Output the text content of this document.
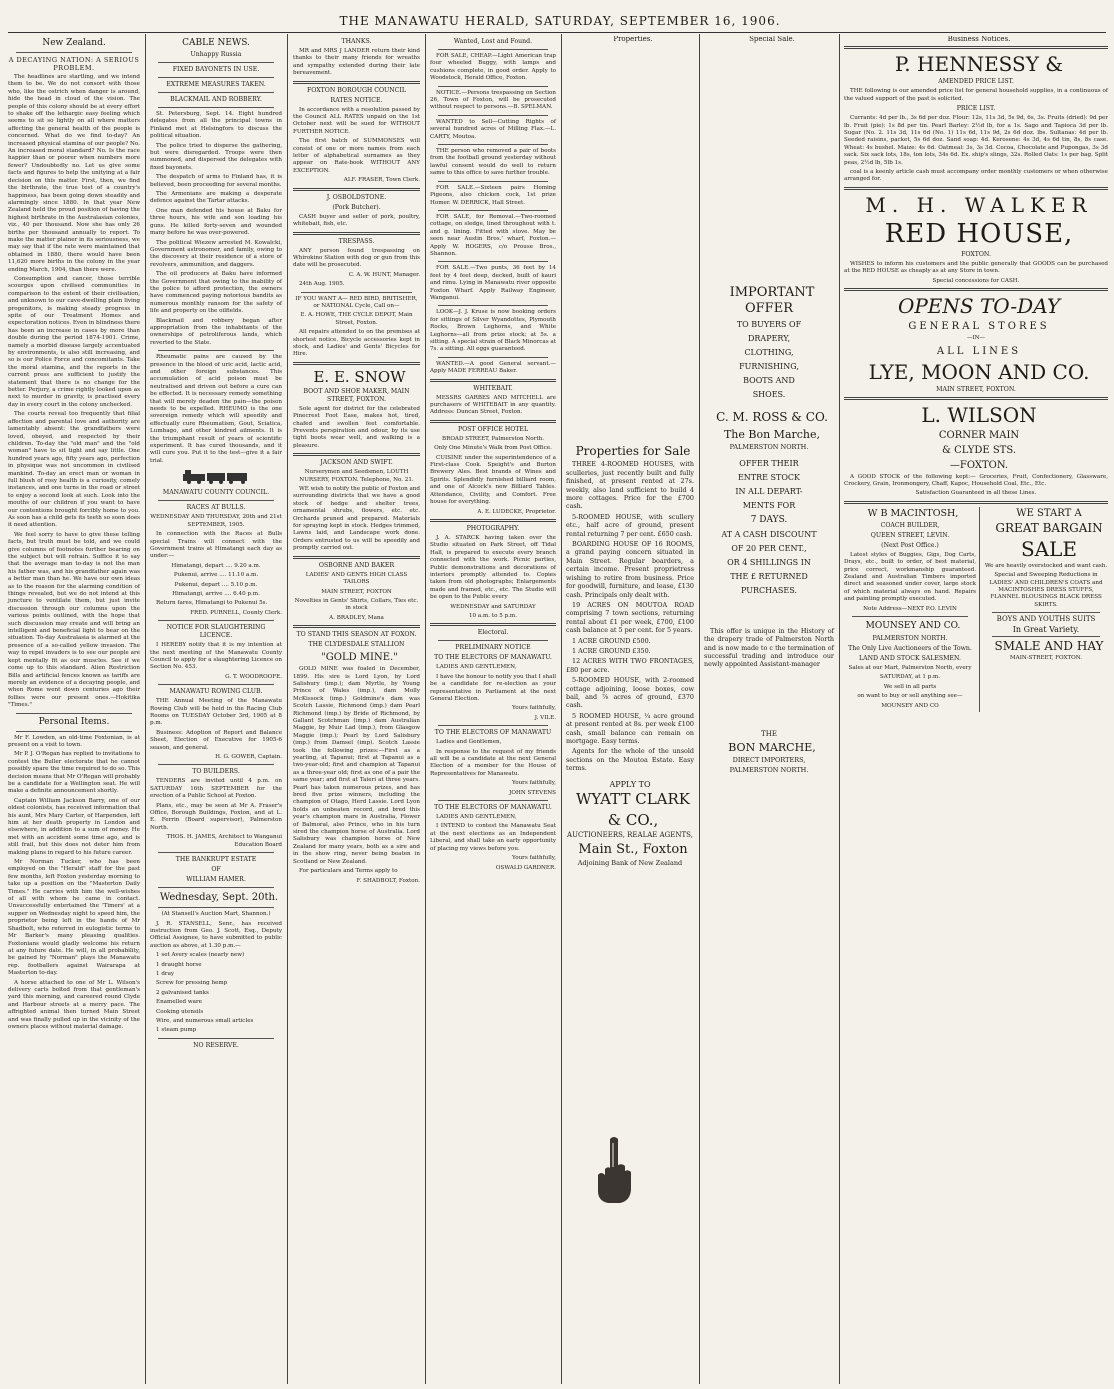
THE MANAWATU HERALD, SATURDAY, SEPTEMBER 16, 1906.
New Zealand.
A DECAYING NATION: A SERIOUS PROBLEM.

The headlines are startling, and we intend them to be. We do not consort with those who, like the ostrich when danger is around, hide the head in cloud of the vision. The people of this colony should be at every effort to shake off the lethargic easy feeling which seems to sit so lightly on all where matters affecting the general health of the people is concerned. What do we find to-day? An increased physical stamina of our people? No. An increased moral standard? No. Is the race happier than or poorer when numbers more fewer? Undoubtedly no. Let us give some facts and figures to help the unitying at a fair decision on this matter. First, then, we find the birthrate, the true test of a country's happiness, has been going down steadily and alarmingly since 1880. In that year New Zealand held the proud position of having the highest birthrate in the Australasian colonies, viz., 40 per thousand. Now she has only 26 births per thousand annually to report. To make the matter plainer in its seriousness, we may say that if the rate were maintained that obtained in 1880, there would have been 11,620 more births in the colony in the year ending March, 1904, than there were.

Consumption and cancer, those terrible scourges upon civilised communities in comparison to the extent of their civilisation, and unknown to our cave-dwelling plain living progenitors, is making steady progress in spite of our Treatment Homes and expectoration notices. Even in blindness there has been an increase in cases by more than double during the period 1874-1901. Crime, namely a morbid disease largely accentuated by environments, is also still increasing, and so is our Police Force and concomitants. Take the moral stamina, and the reports in the current press are sufficient to justify the statement that there is no change for the better. Perjury, a crime rightly looked upon as next to murder in gravity, is practised every day in every court in the colony unchecked.

The courts reveal too frequently that filial affection and parental love and authority are lamentably absent: the grandfathers were loved, obeyed, and respected by their children. To-day the "old man" and the "old woman" have to sit tight and say little. One hundred years ago, fifty years ago, perfection in physique was not uncommon in civilised mankind. To-day an erect man or woman in full blush of rosy health is a curiosity, comely instances, and one turns in the road or street to enjoy a second look at such. Look into the mouths of our children if you want to have our contentions brought forcibly home to you. As soon has a child gets its teeth so soon does it need attention.

We feel sorry to have to give these telling facts, but truth must be told, and we could give columns of footnotes further bearing on the subject but will refrain. Suffice it to say that the average man to-day is not the man his father was, and his grandfather again was a better man than he. We have our own ideas as to the reason for the alarming condition of things revealed, but we do not intend at this juncture to ventilate them, but just invite discussion through our columns upon the various points outlined, with the hope that such discussion may create and will bring an intelligent and beneficial light to bear on the situation. To-day Australasia is alarmed at the presence of a so-called yellow invasion. The way to repel invaders is to see our people are kept mentally fit as our muscles. See if we come up to this standard. Alien Restriction Bills and artificial fences known as tariffs are merely an evidence of a decaying people, and when Rome went down centuries ago their follies were our present ones.—Hokitika "Times."

Personal Items.

Mr F. Lowden, an old-time Foxtonian, is at present on a visit to town.

Mr P. J. O'Regan has replied to invitations to contest the Buller electorate that he cannot possibly spare the time required to do so. This decision means that Mr O'Regan will probably be a candidate for a Wellington seat. He will make a definite announcement shortly.

Captain William Jackson Barry, one of our oldest colonists, has received information that his aunt, Mrs Mary Carter, of Harpenden, left him at her death property in London and elsewhere, in addition to a sum of money. He met with an accident some time ago, and is still frail, but this does not deter him from making plans in regard to his future career.

Mr Norman Tucker, who has been employed on the "Herald" staff for the past few months, left Foxton yesterday morning to take up a position on the "Masterton Daily Times." He carries with him the well-wishes of all with whom he came in contact. Unsuccessfully entertained the 'Timers' at a supper on Wednesday night to speed him, the proprietor being left in the hands of Mr Shadbolt, who referred in eulogistic terms to Mr Barker's many pleasing qualities. Foxtonians would gladly welcome his return at any future date. He will, in all probability, be gained by "Norman" plays the Manawatu rep. footballers against Wairarapa at Masterton to-day.

A horse attached to one of Mr L. Wilson's delivery carts bolted from that gentleman's yard this morning, and careered round Clyde and Harbour streets at a merry pace. The affrighted animal then turned Main Street and was finally pulled up in the vicinity of the owners places without material damage.

CABLE NEWS.
Unhappy Russia
FIXED BAYONETS IN USE.
EXTREME MEASURES TAKEN.
BLACKMAIL AND ROBBERY.

St. Petersburg, Sept. 14. Eight hundred delegates from all the principal towns in Finland met at Helsingfors to discuss the political situation.

The police tried to disperse the gathering, but were disregarded. Troops were then summoned, and dispersed the delegates with fixed bayonets.

The despatch of arms to Finland has, it is believed, been proceeding for several months.

The Armenians are making a desperate defence against the Tartar attacks.

One man defended his house at Baku for three hours, his wife and son loading his guns. He killed forty-seven and wounded many before he was over-powered.

The political Wiezew arrested M. Kowalcki, Government astronomer, and family, owing to the discovery at their residence of a store of revolvers, ammunition, and daggers.

The oil producers at Baku have informed the Government that owing to the inability of the police to afford protection, the owners have commenced paying notorious bandits as numerous monthly ransom for the safety of life and property on the oilfields.

Blackmail and robbery began after appropriation from the inhabitants of the ownerships of petroliferous lands, which reverted to the State.

Rheumatic pains are caused by the presence in the blood of uric acid, lactic acid, and other foreign substances. This accumulation of acid poison must be neutralised and driven out before a cure can be effected. It is necessary remedy something that will merely deaden the pain—the poison needs to be expelled. RHEUMO is the one sovereign remedy which will speedily and effectually cure Rheumatism, Gout, Sciatica, Lumbago, and other kindred ailments. It is the triumphant result of years of scientific experiment. It has cured thousands, and it will cure you. Put it to the test—give it a fair trial.

MANAWATU COUNTY COUNCIL.
RACES AT BULLS.

WEDNESDAY AND THURSDAY, 20th and 21st SEPTEMBER, 1905.

In connection with the Races at Bulls special Trains will connect with the Government trains at Himatangi each day as under:—

Himatangi, depart .... 9.20 a.m.

Pukenui, arrive .... 11.10 a.m.

Pukenui, depart .... 5.10 p.m.

Himatangi, arrive .... 6.40 p.m.

Return fares, Himatangi to Pukenui 5s.

FRED. PURNELL, County Clerk.

NOTICE FOR SLAUGHTERING LICENCE.

I HEREBY notify that it is my intention at the next meeting of the Manawatu County Council to apply for a slaughtering Licence on Section No. 453.

G. T. WOODROOFE.

MANAWATU ROWING CLUB.

THE Annual Meeting of the Manawatu Rowing Club will be held in the Racing Club Rooms on TUESDAY October 3rd, 1905 at 8 p.m.

Business: Adoption of Report and Balance Sheet, Election of Executive for 1905-6 season, and general.

H. G. GOWER, Captain.

TO BUILDERS.

TENDERS are invited until 4 p.m. on SATURDAY 16th SEPTEMBER for the erection of a Public School at Foxton.

Plans, etc., may be seen at Mr A. Fraser's Office, Borough Buildings, Foxton, and at L. E. Ferrin (Board supervisor), Palmerston North.

THOS. H. JAMES, Architect to Wanganui Education Board

THE BANKRUPT ESTATE
OF
WILLIAM HAMER.

Wednesday, Sept. 20th.

(At Stansell's Auction Mart, Shannon.)

J. R. STANSELL, Senr., has received instruction from Geo. J. Scott, Esq., Deputy Official Assignee, to have submitted to public auction as above, at 1.30 p.m.—

1 set Avery scales (nearly new)

1 draught horse

1 dray

Screw for pressing hemp

2 galvanised tanks

Enamelled ware

Cooking utensils

Wire, and numerous small articles

1 steam pump

NO RESERVE.
THANKS.

MR and MRS J LANDER return their kind thanks to their many friends for wreaths and sympathy extended during their late bereavement.

FOXTON BOROUGH COUNCIL
RATES NOTICE.

In accordance with a resolution passed by the Council ALL RATES unpaid on the 1st October next will be sued for WITHOUT FURTHER NOTICE.

The first batch of SUMMONSES will consist of one or more names from each letter of alphabetical surnames as they appear on Rate-book WITHOUT ANY EXCEPTION.

ALF. FRASER, Town Clerk.

J. OSBOLDSTONE.
(Pork Butcher).

CASH buyer and seller of pork, poultry, whitebait, fish, etc.

TRESPASS.

ANY person found trespassing on Whirokino Station with dog or gun from this date will be prosecuted.

C. A. W. HUNT, Manager.

24th Aug. 1905.

IF YOU WANT A— RED BIRD, BRITISHER, or NATIONAL Cycle, Call on—

E. A. HOWE, THE CYCLE DEPOT, Main Street, Foxton.

All repairs attended to on the premises at shortest notice. Bicycle accessories kept in stock, and Ladies' and Gents' Bicycles for Hire.

E. E. SNOW

BOOT AND SHOE MAKER, MAIN STREET, FOXTON.

Sole agent for district for the celebrated Pinecrest Foot Ease, makes hot, tired, chafed and swollen feet comfortable. Prevents perspiration and odour, by its use tight boots wear well, and walking is a pleasure.

JACKSON AND SWIFT.

Nurserymen and Seedsmen, LOUTH NURSERY, FOXTON. Telephone, No. 21.

WE wish to notify the public of Foxton and surrounding districts that we have a good stock of hedge and shelter trees, ornamental shrubs, flowers, etc. etc. Orchards pruned and prepared. Materials for spraying kept in stock. Hedges trimmed, Lawns laid, and Landscape work done. Orders entrusted to us will be speedily and promptly carried out.

OSBORNE AND BAKER

LADIES' AND GENTS HIGH CLASS TAILORS

MAIN STREET, FOXTON

Novelties in Gents' Shirts, Collars, Ties etc. in stock

A. BRADLEY, Mana

TO STAND THIS SEASON AT FOXON.
THE CLYDESDALE STALLION

"GOLD MINE."

GOLD MINE was foaled in December, 1899. His sire is Lord Lyon, by Lord Salisbury (imp.); dam Myrtle, by Young Prince of Wales (imp.), dam Molly McKissock (imp.) Goldmine's dam was Scotch Lassie, Richmond (imp.) dam Pearl Richmond (imp.) by Bride of Richmond, by Gallant Scotchman (imp.) dam Australian Maggie, by Muir Lad (imp.), from Glasgow Maggie (imp.); Pearl by Lord Salisbury (imp.) from Damsel (imp). Scotch Lassie took the following prizes:—First as a yearling, at Tapanui; first at Tapanui as a two-year-old; first and champion at Tapanui as a three-year old; first as one of a pair the same year; and first at Taieri at three years. Pearl has taken numerous prizes, and has bred five prize winners, including the champion of Otago, Herd Lassie. Lord Lyon holds an unbeaten record, and bred this year's champion mare in Australia, Flower of Balmoral, also Prince, who in his turn sired the champion horse of Australia. Lord Salisbury was champion horse of New Zealand for many years, both as a sire and in the show ring, never being beaten in Scotland or New Zealand.

For particulars and Terms apply to

F. SHADBOLT, Foxton.

Wanted, Lost and Found.

FOR SALE, CHEAP.—Light American trap four wheeled Buggy, with lamps and cushions complete, in good order. Apply to Woodstock, Herald Office, Foxton.

NOTICE.—Persons trespassing on Section 26, Town of Foxton, will be prosecuted without respect to persons.—B. SPELMAN.

WANTED to Sell—Cutting Rights of several hundred acres of Milling Flax.—L. CARTY, Moutoa.

THE person who removed a pair of boots from the football ground yesterday without lawful consent would do well to return same to this office to save further trouble.

FOR SALE.—Sixteen pairs Homing Pigeons, also chicken cock, 1st prize Homer. W. DERRICK, Hall Street.

FOR SALE, for Removal.—Two-roomed cottage, on sledge, lined throughout with t. and g. lining. Fitted with stove. May be seen near Austin Bros.' wharf, Foxton.—Apply W. ROGERS, c/o Prouse Bros., Shannon.

FOR SALE.—Two punts, 36 feet by 14 feet by 4 feet deep, decked, built of kauri and rimu. Lying in Manawatu river opposite Foxton Wharf. Apply Railway Engineer, Wanganui.

LOOK—J. J. Kruse is now booking orders for sittings of Silver Wyandottes, Plymouth Rocks, Brown Leghorns, and White Leghorns—all from prize stock; at 5s. a sitting. A special strain of Black Minorcas at 7s. a sitting. All eggs guaranteed.

WANTED.—A good General servant.—Apply MADE FERREAU Baker.

WHITEBAIT.

MESSRS GARBES AND MITCHELL are purchasers of WHITEBAIT in any quantity. Address: Duncan Street, Foxton.

POST OFFICE HOTEL

BROAD STREET, Palmerston North.

Only One Minute's Walk from Post Office.

CUISINE under the superintendence of a First-class Cook. Speight's and Burton Brewery Ales. Best brands of Wines and Spirits. Splendidly furnished billiard room, and one of Alcock's new Billiard Tables. Attendance, Civility, and Comfort. Free house for everything.

A. E. LUDECKE, Proprietor.

PHOTOGRAPHY.

J. A. STARCK having taken over the Studio situated on Park Street, off Tidal Hall, is prepared to execute every branch connected with the work. Picnic parties, Public demonstrations and decorations of interiors promptly attended to. Copies taken from old photographs; Enlargements made and framed, etc., etc. The Studio will be open to the Public every

WEDNESDAY and SATURDAY

10 a.m. to 5 p.m.

Electoral.
PRELIMINARY NOTICE
TO THE ELECTORS OF MANAWATU.

LADIES AND GENTLEMEN,

I have the honour to notify you that I shall be a candidate for re-election as your representative in Parliament at the next General Election.

Yours faithfully,

J. VILE.

TO THE ELECTORS OF MANAWATU

Ladies and Gentlemen,

In response to the request of my friends all will be a candidate at the next General Election of a member for the House of Representatives for Manawatu.

Yours faithfully,

JOHN STEVENS

TO THE ELECTORS OF MANAWATU.

LADIES AND GENTLEMEN,

I INTEND to contest the Manawatu Seat at the next elections as an Independent Liberal, and shall take an early opportunity of placing my views before you.

Yours faithfully,

OSWALD GARDNER.

Properties.

Properties for Sale

THREE 4-ROOMED HOUSES, with sculleries, just recently built and fully finished, at present rented at 27s. weekly, also land sufficient to build 4 more cottages. Price for the £700 cash.

5-ROOMED HOUSE, with scullery etc., half acre of ground, present rental returning 7 per cent. £650 cash.

BOARDING HOUSE OF 16 ROOMS, a grand paying concern situated in Main Street. Regular boarders, a certain income. Present proprietress wishing to retire from business. Price for goodwill, furniture, and lease, £130 cash. Principals only dealt with.

19 ACRES ON MOUTOA ROAD comprising 7 town sections, returning rental about £1 per week, £700, £100 cash balance at 5 per cent. for 5 years.

1 ACRE GROUND £500.

1 ACRE GROUND £350.

12 ACRES WITH TWO FRONTAGES, £80 per acre.

5-ROOMED HOUSE, with 2-roomed cottage adjoining, loose boxes, cow bail, and ⅞ acres of ground, £370 cash.

5 ROOMED HOUSE, ¼ acre ground at present rented at 8s. per week £100 cash, small balance can remain on mortgage. Easy terms.

Agents for the whole of the unsold sections on the Moutoa Estate. Easy terms.

APPLY TO

WYATT CLARK

& CO.,

AUCTIONEERS, REALAE AGENTS,

Main St., Foxton

Adjoining Bank of New Zealand

Special Sale.

IMPORTANT OFFER

TO BUYERS OF

DRAPERY,

CLOTHING,

FURNISHING,

BOOTS AND

SHOES.

C. M. ROSS & CO.

The Bon Marche,

PALMERSTON NORTH.

OFFER THEIR

ENTRE STOCK

IN ALL DEPART-

MENTS FOR

7 DAYS.

AT A CASH DISCOUNT

OF 20 PER CENT.,

OR 4 SHILLINGS IN

THE £ RETURNED

PURCHASES.

This offer is unique in the History of the drapery trade of Palmerston North and is now made to c the termination of successful trading and introduce our newly appointed Assistant-manager

THE

BON MARCHE,

DIRECT IMPORTERS,

PALMERSTON NORTH.

Business Notices.

P. HENNESSY &

AMENDED PRICE LIST.

THE following is our amended price list for general household supplies, in a continuous of the valued support of the past is solicited.

PRICE LIST.

Currants: 4d per lb., 3s 6d per doz. Flour: 12s, 11s 3d, 5s 9d, 6s, 3s. Fruits (dried): 9d per lb. Fruit (pie): 1s 8d per tin. Pearl Barley: 2½d lb, for a 1s. Sago and Tapioca 3d per lb. Sugar (No. 2. 11s 3d, 11s 6d (No. 1) 11s 6d, 11s 9d, 2s 6d doz. lbs. Sultanas: 4d per lb. Seeded raisins, packet, 5s 6d doz. Sand soap: 4d. Kerosene: 4s 3d, 4s 6d tin, 8s, 8s case. Wheat: 4s bushel. Maize: 4s 6d. Oatmeal: 3s, 3s 3d. Cocoa, Chocolate and Pupongas, 3s 3d sack. Six sack lots, 18s, ton lots, 34s 6d. Ex. ship's slings, 32s. Rolled Oats: 1s per bag. Split peas, 2½d lb, 5lb 1s.

coal is a keenly article cash must accompany order monthly customers or when otherwise arranged for.

M. H. WALKER

RED HOUSE,

FOXTON.

WISHES to inform his customers and the public generally that GOODS can be purchased at the RED HOUSE as cheaply as at any Store in town.

Special concessions for CASH.

OPENS TO-DAY

GENERAL STORES

—IN—

ALL LINES

LYE, MOON AND CO.

MAIN STREET, FOXTON.

L. WILSON

CORNER MAIN

& CLYDE STS.

—FOXTON.

A GOOD STOCK of the following kept:— Groceries, Fruit, Confectionery, Glassware, Crockery, Grain, Ironmongery, Chaff, Kapoc, Household Coal, Etc., Etc.

Satisfaction Guaranteed in all these Lines.

W B MACINTOSH,

COACH BUILDER,
QUEEN STREET, LEVIN.
(Next Post Office.)

Latest styles of Buggies, Gigs, Dog Carts, Drays, etc., built to order, of best material, price correct, workmanship guaranteed. Zealand and Australian Timbers imported direct and seasoned under cover, large stock of which material always on hand. Repairs and painting promptly executed.

Note Address—NEXT P.O. LEVIN

MOUNSEY AND CO.

PALMERSTON NORTH.
The Only Live Auctioneers of the Town.
LAND AND STOCK SALESMEN.

Sales at our Mart, Palmerston North, every

SATURDAY, at 1 p.m.

We sell in all parts

on want to buy or sell anything see—

MOUNSEY AND CO

WE START A

GREAT BARGAIN

SALE

We are heavily overstocked and want cash.

Special and Sweeping Reductions in LADIES' AND CHILDREN'S COATS and MACINTOSHES DRESS STUFFS, FLANNEL BLOUSINGS BLACK DRESS SKIRTS.

BOYS AND YOUTHS SUITS

In Great Variety.

SMALE AND HAY

MAIN-STREET, FOXTON.
